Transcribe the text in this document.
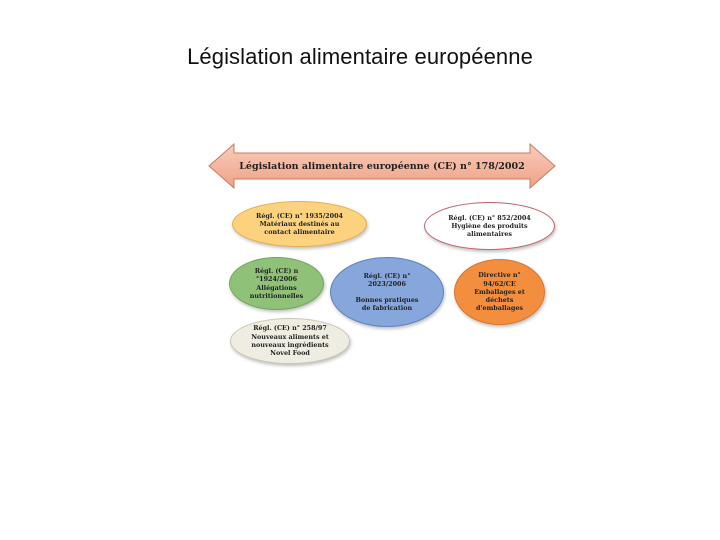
Législation alimentaire européenne
Législation alimentaire européenne (CE) n° 178/2002
Régl. (CE) n° 1935/2004
Matériaux destinés au
contact alimentaire
Régl. (CE) n° 852/2004
Hygiène des produits
alimentaires
Régl. (CE) n
°1924/2006
Allégations
nutritionnelles
Régl. (CE) n°
2023/2006
Bonnes pratiques
de fabrication
Directive n°
94/62/CE
Emballages et
déchets
d'emballages
Régl. (CE) n° 258/97
Nouveaux aliments et
nouveaux ingrédients
Novel Food
